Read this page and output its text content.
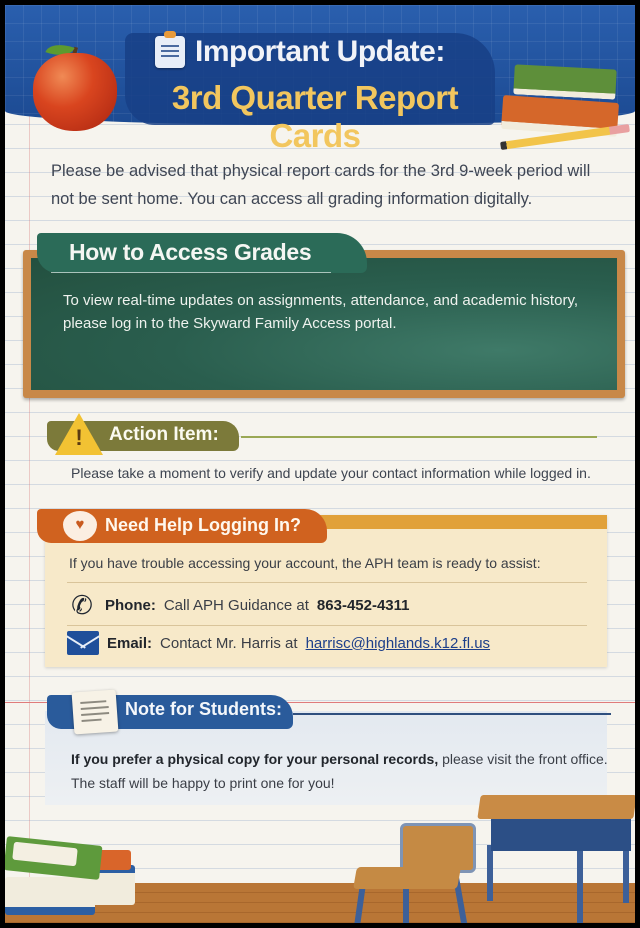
Important Update:
3rd Quarter Report Cards
Please be advised that physical report cards for the 3rd 9-week period will not be sent home. You can access all grading information digitally.
How to Access Grades
To view real-time updates on assignments, attendance, and academic history, please log in to the Skyward Family Access portal.
! Action Item:
Please take a moment to verify and update your contact information while logged in.
♥	Need Help Logging In?
If you have trouble accessing your account, the APH team is ready to assist:
✆ Phone: Call APH Guidance at 863-452-4311
Email: Contact Mr. Harris at harrisc@highlands.k12.fl.us
Note for Students:
If you prefer a physical copy for your personal records, please visit the front office.
The staff will be happy to print one for you!
